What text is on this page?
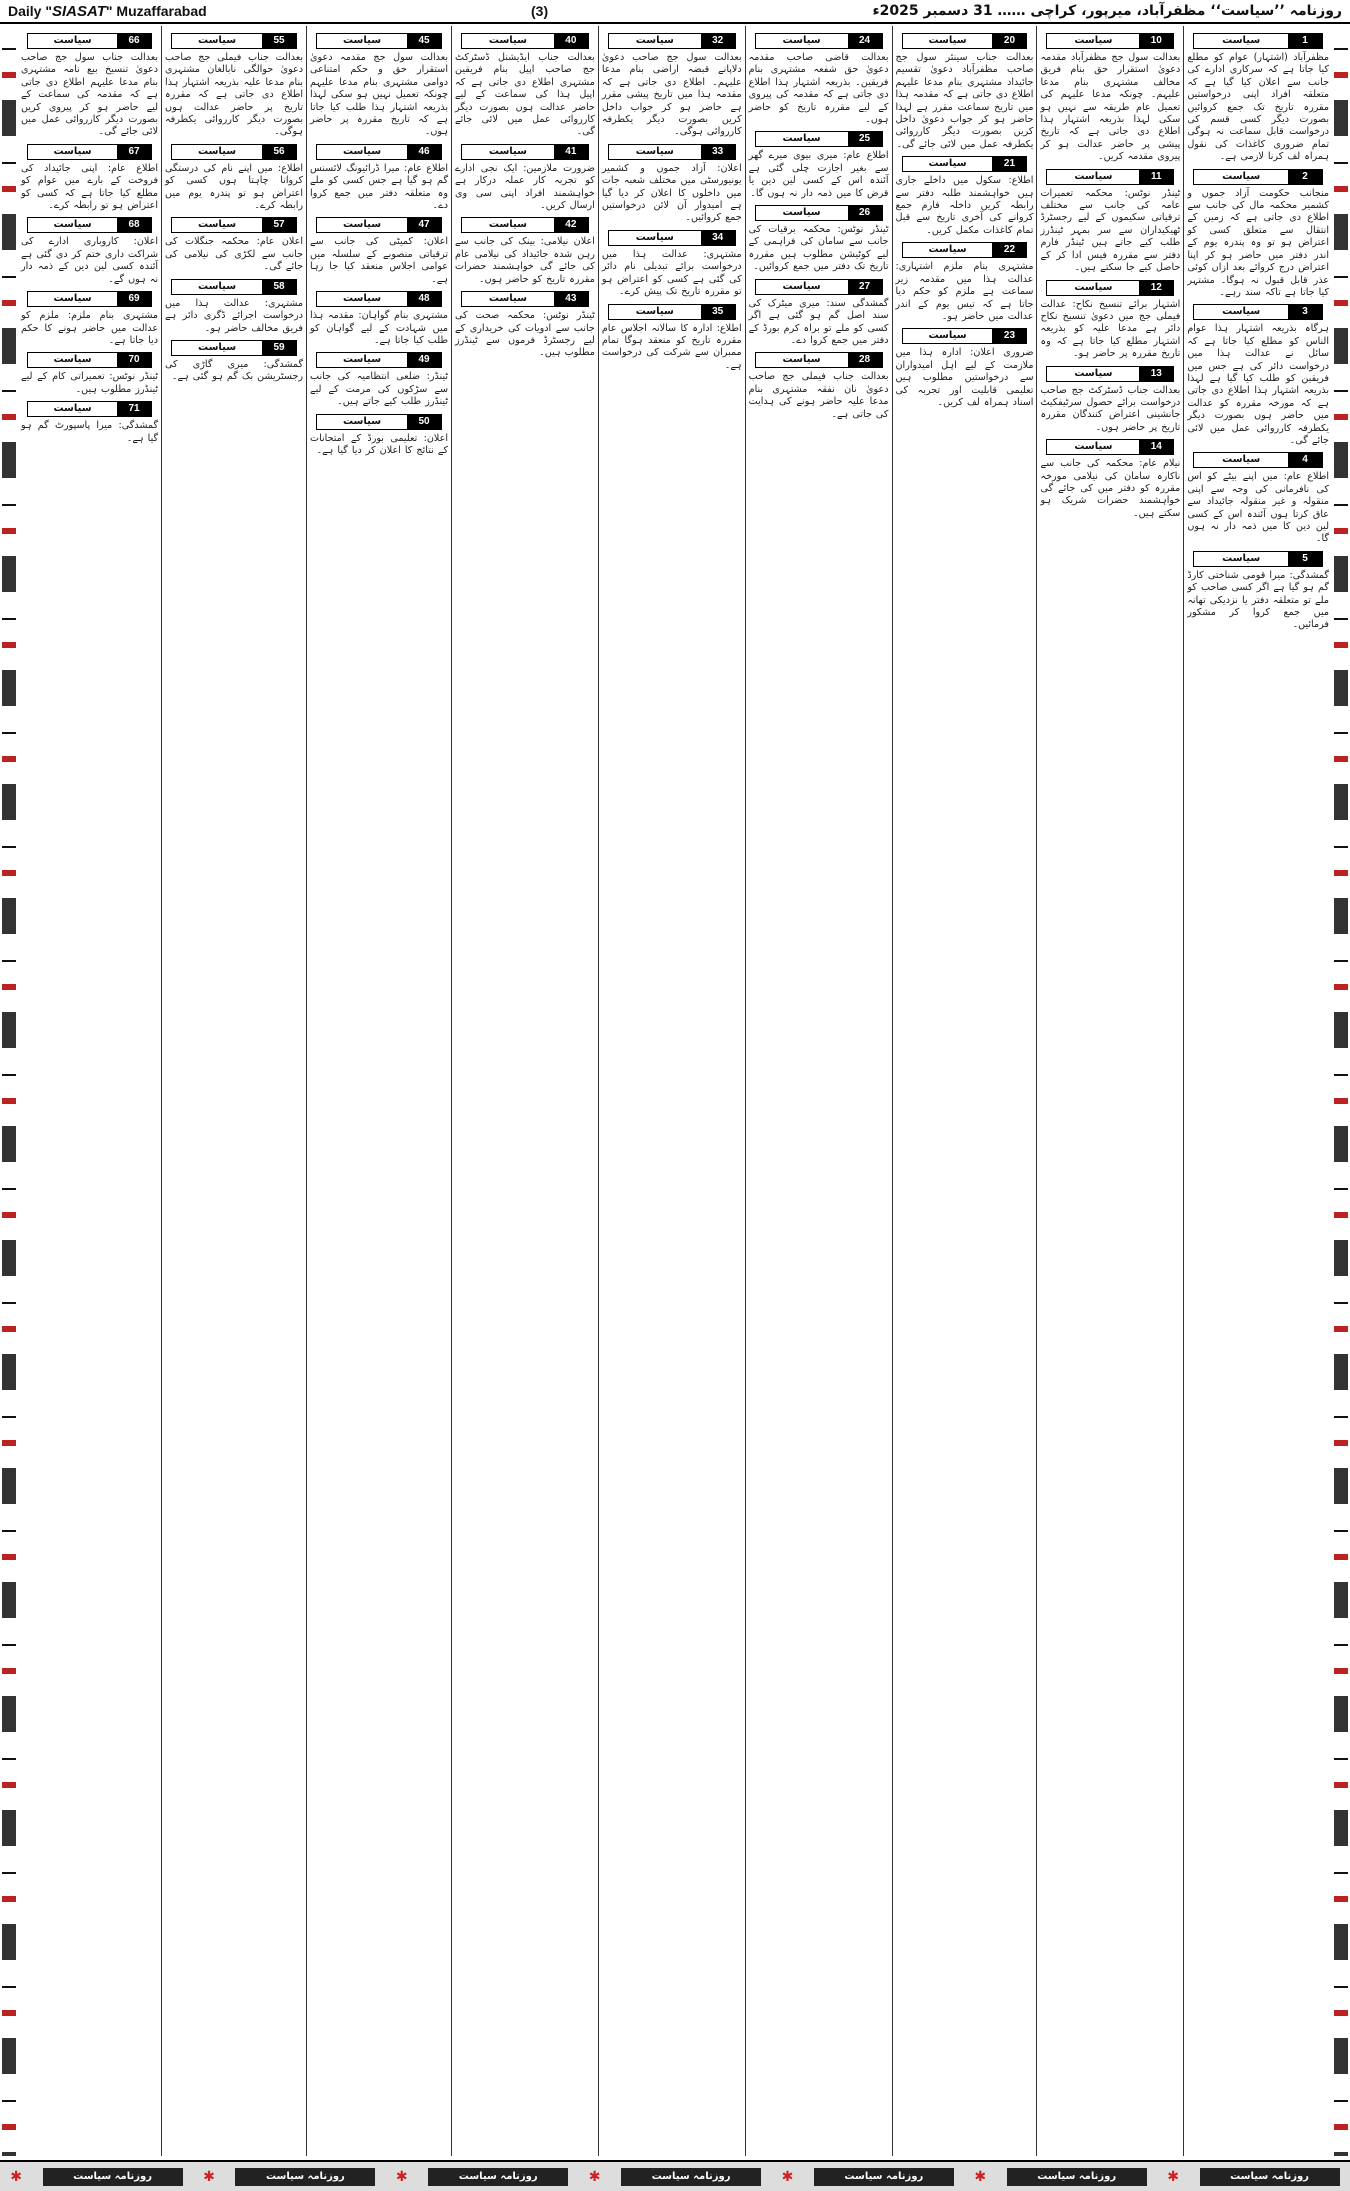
Daily "SIASAT" Muzaffarabad	(3)	روزنامہ ’’سیاست‘‘ مظفرآباد، میرپور، کراچی …… 31 دسمبر 2025ء
سیاست	1
مظفرآباد (اشتہار) عوام کو مطلع کیا جاتا ہے کہ سرکاری ادارے کی جانب سے اعلان کیا گیا ہے کہ متعلقہ افراد اپنی درخواستیں مقررہ تاریخ تک جمع کروائیں بصورت دیگر کسی قسم کی درخواست قابل سماعت نہ ہوگی تمام ضروری کاغذات کی نقول ہمراہ لف کرنا لازمی ہے۔
سیاست	2
منجانب حکومت آزاد جموں و کشمیر محکمہ مال کی جانب سے اطلاع دی جاتی ہے کہ زمین کے انتقال سے متعلق کسی کو اعتراض ہو تو وہ پندرہ یوم کے اندر دفتر میں حاضر ہو کر اپنا اعتراض درج کروائے بعد ازاں کوئی عذر قابل قبول نہ ہوگا۔ مشتہر کیا جاتا ہے تاکہ سند رہے۔
سیاست	3
ہرگاہ بذریعہ اشتہار ہذا عوام الناس کو مطلع کیا جاتا ہے کہ سائل نے عدالت ہذا میں درخواست دائر کی ہے جس میں فریقین کو طلب کیا گیا ہے لہذا بذریعہ اشتہار ہذا اطلاع دی جاتی ہے کہ مورخہ مقررہ کو عدالت میں حاضر ہوں بصورت دیگر یکطرفہ کارروائی عمل میں لائی جائے گی۔
سیاست	4
اطلاع عام: میں اپنے بیٹے کو اس کی نافرمانی کی وجہ سے اپنی منقولہ و غیر منقولہ جائیداد سے عاق کرتا ہوں آئندہ اس کے کسی لین دین کا میں ذمہ دار نہ ہوں گا۔
سیاست	5
گمشدگی: میرا قومی شناختی کارڈ گم ہو گیا ہے اگر کسی صاحب کو ملے تو متعلقہ دفتر یا نزدیکی تھانہ میں جمع کروا کر مشکور فرمائیں۔
سیاست	10
بعدالت سول جج مظفرآباد مقدمہ دعویٰ استقرار حق بنام فریق مخالف مشتہری بنام مدعا علیہم۔ چونکہ مدعا علیہم کی تعمیل عام طریقہ سے نہیں ہو سکی لہذا بذریعہ اشتہار ہذا اطلاع دی جاتی ہے کہ تاریخ پیشی پر حاضر عدالت ہو کر پیروی مقدمہ کریں۔
سیاست	11
ٹینڈر نوٹس: محکمہ تعمیرات عامہ کی جانب سے مختلف ترقیاتی سکیموں کے لیے رجسٹرڈ ٹھیکیداران سے سر بمہر ٹینڈرز طلب کیے جاتے ہیں ٹینڈر فارم دفتر سے مقررہ فیس ادا کر کے حاصل کیے جا سکتے ہیں۔
سیاست	12
اشتہار برائے تنسیخ نکاح: عدالت فیملی جج میں دعویٰ تنسیخ نکاح دائر ہے مدعا علیہ کو بذریعہ اشتہار مطلع کیا جاتا ہے کہ وہ تاریخ مقررہ پر حاضر ہو۔
سیاست	13
بعدالت جناب ڈسٹرکٹ جج صاحب درخواست برائے حصول سرٹیفکیٹ جانشینی اعتراض کنندگان مقررہ تاریخ پر حاضر ہوں۔
سیاست	14
نیلام عام: محکمہ کی جانب سے ناکارہ سامان کی نیلامی مورخہ مقررہ کو دفتر میں کی جائے گی خواہشمند حضرات شریک ہو سکتے ہیں۔
سیاست	20
بعدالت جناب سینئر سول جج صاحب مظفرآباد دعویٰ تقسیم جائیداد مشتہری بنام مدعا علیہم اطلاع دی جاتی ہے کہ مقدمہ ہذا میں تاریخ سماعت مقرر ہے لہذا حاضر ہو کر جواب دعویٰ داخل کریں بصورت دیگر کارروائی یکطرفہ عمل میں لائی جائے گی۔
سیاست	21
اطلاع: سکول میں داخلے جاری ہیں خواہشمند طلبہ دفتر سے رابطہ کریں داخلہ فارم جمع کروانے کی آخری تاریخ سے قبل تمام کاغذات مکمل کریں۔
سیاست	22
مشتہری بنام ملزم اشتہاری: عدالت ہذا میں مقدمہ زیر سماعت ہے ملزم کو حکم دیا جاتا ہے کہ تیس یوم کے اندر عدالت میں حاضر ہو۔
سیاست	23
ضروری اعلان: ادارہ ہذا میں ملازمت کے لیے اہل امیدواران سے درخواستیں مطلوب ہیں تعلیمی قابلیت اور تجربہ کی اسناد ہمراہ لف کریں۔
سیاست	24
بعدالت قاضی صاحب مقدمہ دعویٰ حق شفعہ مشتہری بنام فریقین۔ بذریعہ اشتہار ہذا اطلاع دی جاتی ہے کہ مقدمہ کی پیروی کے لیے مقررہ تاریخ کو حاضر ہوں۔
سیاست	25
اطلاع عام: میری بیوی میرے گھر سے بغیر اجازت چلی گئی ہے آئندہ اس کے کسی لین دین یا قرض کا میں ذمہ دار نہ ہوں گا۔
سیاست	26
ٹینڈر نوٹس: محکمہ برقیات کی جانب سے سامان کی فراہمی کے لیے کوٹیشن مطلوب ہیں مقررہ تاریخ تک دفتر میں جمع کروائیں۔
سیاست	27
گمشدگی سند: میری میٹرک کی سند اصل گم ہو گئی ہے اگر کسی کو ملے تو براہ کرم بورڈ کے دفتر میں جمع کروا دے۔
سیاست	28
بعدالت جناب فیملی جج صاحب دعویٰ نان نفقہ مشتہری بنام مدعا علیہ حاضر ہونے کی ہدایت کی جاتی ہے۔
سیاست	32
بعدالت سول جج صاحب دعویٰ دلاپانے قبضہ اراضی بنام مدعا علیہم۔ اطلاع دی جاتی ہے کہ مقدمہ ہذا میں تاریخ پیشی مقرر ہے حاضر ہو کر جواب داخل کریں بصورت دیگر یکطرفہ کارروائی ہوگی۔
سیاست	33
اعلان: آزاد جموں و کشمیر یونیورسٹی میں مختلف شعبہ جات میں داخلوں کا اعلان کر دیا گیا ہے امیدوار آن لائن درخواستیں جمع کروائیں۔
سیاست	34
مشتہری: عدالت ہذا میں درخواست برائے تبدیلی نام دائر کی گئی ہے کسی کو اعتراض ہو تو مقررہ تاریخ تک پیش کرے۔
سیاست	35
اطلاع: ادارہ کا سالانہ اجلاس عام مقررہ تاریخ کو منعقد ہوگا تمام ممبران سے شرکت کی درخواست ہے۔
سیاست	40
بعدالت جناب ایڈیشنل ڈسٹرکٹ جج صاحب اپیل بنام فریقین مشتہری اطلاع دی جاتی ہے کہ اپیل ہذا کی سماعت کے لیے حاضر عدالت ہوں بصورت دیگر کارروائی عمل میں لائی جائے گی۔
سیاست	41
ضرورت ملازمین: ایک نجی ادارے کو تجربہ کار عملہ درکار ہے خواہشمند افراد اپنی سی وی ارسال کریں۔
سیاست	42
اعلان نیلامی: بینک کی جانب سے رہن شدہ جائیداد کی نیلامی عام کی جائے گی خواہشمند حضرات مقررہ تاریخ کو حاضر ہوں۔
سیاست	43
ٹینڈر نوٹس: محکمہ صحت کی جانب سے ادویات کی خریداری کے لیے رجسٹرڈ فرموں سے ٹینڈرز مطلوب ہیں۔
سیاست	45
بعدالت سول جج مقدمہ دعویٰ استقرار حق و حکم امتناعی دوامی مشتہری بنام مدعا علیہم چونکہ تعمیل نہیں ہو سکی لہذا بذریعہ اشتہار ہذا طلب کیا جاتا ہے کہ تاریخ مقررہ پر حاضر ہوں۔
سیاست	46
اطلاع عام: میرا ڈرائیونگ لائسنس گم ہو گیا ہے جس کسی کو ملے وہ متعلقہ دفتر میں جمع کروا دے۔
سیاست	47
اعلان: کمیٹی کی جانب سے ترقیاتی منصوبے کے سلسلہ میں عوامی اجلاس منعقد کیا جا رہا ہے۔
سیاست	48
مشتہری بنام گواہان: مقدمہ ہذا میں شہادت کے لیے گواہان کو طلب کیا جاتا ہے۔
سیاست	49
ٹینڈر: ضلعی انتظامیہ کی جانب سے سڑکوں کی مرمت کے لیے ٹینڈرز طلب کیے جاتے ہیں۔
سیاست	50
اعلان: تعلیمی بورڈ کے امتحانات کے نتائج کا اعلان کر دیا گیا ہے۔
سیاست	55
بعدالت جناب فیملی جج صاحب دعویٰ حوالگی نابالغان مشتہری بنام مدعا علیہ بذریعہ اشتہار ہذا اطلاع دی جاتی ہے کہ مقررہ تاریخ پر حاضر عدالت ہوں بصورت دیگر کارروائی یکطرفہ ہوگی۔
سیاست	56
اطلاع: میں اپنے نام کی درستگی کروانا چاہتا ہوں کسی کو اعتراض ہو تو پندرہ یوم میں رابطہ کرے۔
سیاست	57
اعلان عام: محکمہ جنگلات کی جانب سے لکڑی کی نیلامی کی جائے گی۔
سیاست	58
مشتہری: عدالت ہذا میں درخواست اجرائے ڈگری دائر ہے فریق مخالف حاضر ہو۔
سیاست	59
گمشدگی: میری گاڑی کی رجسٹریشن بک گم ہو گئی ہے۔
سیاست	66
بعدالت جناب سول جج صاحب دعویٰ تنسیخ بیع نامہ مشتہری بنام مدعا علیہم اطلاع دی جاتی ہے کہ مقدمہ کی سماعت کے لیے حاضر ہو کر پیروی کریں بصورت دیگر کارروائی عمل میں لائی جائے گی۔
سیاست	67
اطلاع عام: اپنی جائیداد کی فروخت کے بارے میں عوام کو مطلع کیا جاتا ہے کہ کسی کو اعتراض ہو تو رابطہ کرے۔
سیاست	68
اعلان: کاروباری ادارے کی شراکت داری ختم کر دی گئی ہے آئندہ کسی لین دین کے ذمہ دار نہ ہوں گے۔
سیاست	69
مشتہری بنام ملزم: ملزم کو عدالت میں حاضر ہونے کا حکم دیا جاتا ہے۔
سیاست	70
ٹینڈر نوٹس: تعمیراتی کام کے لیے ٹینڈرز مطلوب ہیں۔
سیاست	71
گمشدگی: میرا پاسپورٹ گم ہو گیا ہے۔
✱	روزنامہ سیاست	✱	روزنامہ سیاست	✱	روزنامہ سیاست	✱	روزنامہ سیاست	✱	روزنامہ سیاست	✱	روزنامہ سیاست	✱	روزنامہ سیاست
